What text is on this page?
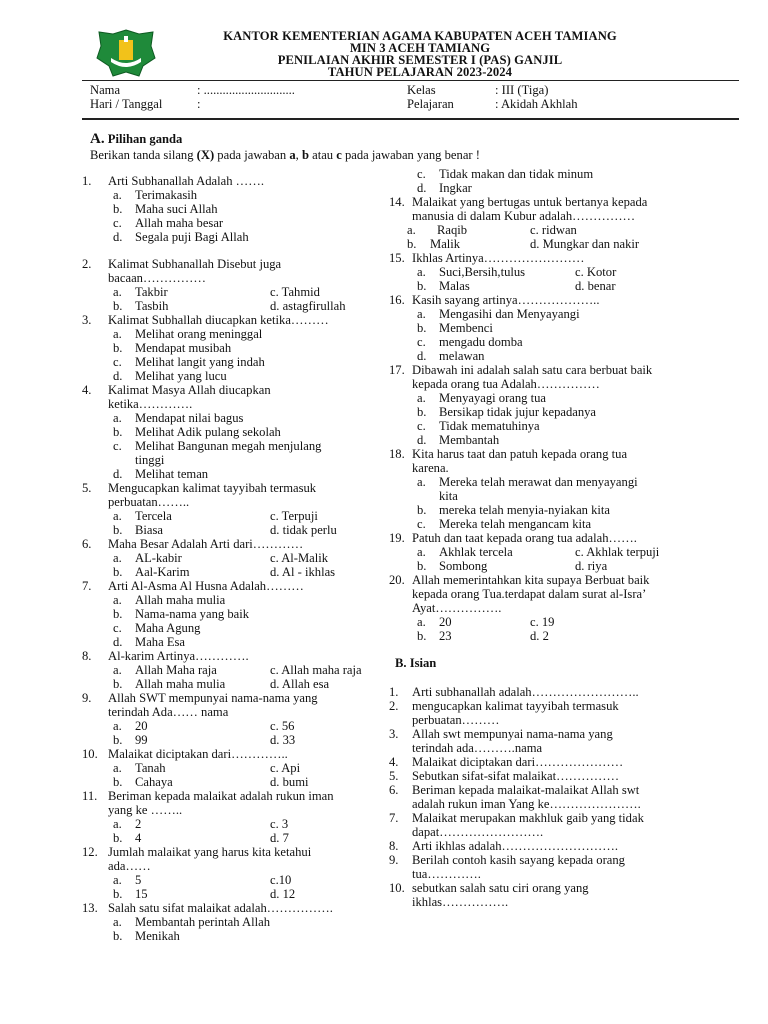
KANTOR KEMENTERIAN AGAMA KABUPATEN ACEH TAMIANG
MIN 3 ACEH TAMIANG
PENILAIAN AKHIR SEMESTER I (PAS) GANJIL
TAHUN PELAJARAN 2023-2024
Nama	: .............................
Hari / Tanggal	:
Kelas	: III (Tiga)
Pelajaran	: Akidah Akhlah
A. Pilihan ganda
Berikan tanda silang (X) pada jawaban a, b atau c pada jawaban yang benar !
B. Isian
1. Arti Subhanallah Adalah …….
a. Terimakasih
b. Maha suci Allah
c. Allah maha besar
d. Segala puji Bagi Allah
2. Kalimat Subhanallah Disebut juga
bacaan……………
a. Takbir	c. Tahmid
b. Tasbih	d. astagfirullah
3. Kalimat Subhallah diucapkan ketika………
a. Melihat orang meninggal
b. Mendapat musibah
c. Melihat langit yang indah
d. Melihat yang lucu
4. Kalimat Masya Allah diucapkan
ketika………….
a. Mendapat nilai bagus
b. Melihat Adik pulang sekolah
c. Melihat Bangunan megah menjulang
tinggi
d. Melihat teman
5. Mengucapkan kalimat tayyibah termasuk
perbuatan……..
a. Tercela	c. Terpuji
b. Biasa	d. tidak perlu
6. Maha Besar Adalah Arti dari…………
a. AL-kabir	c. Al-Malik
b. Aal-Karim	d. Al - ikhlas
7. Arti Al-Asma Al Husna Adalah………
a. Allah maha mulia
b. Nama-nama yang baik
c. Maha Agung
d. Maha Esa
8. Al-karim Artinya………….
a. Allah Maha raja	c. Allah maha raja
b. Allah maha mulia	d. Allah esa
9. Allah SWT mempunyai nama-nama yang
terindah Ada…… nama
a. 20	c. 56
b. 99	d. 33
10. Malaikat diciptakan dari…………..
a. Tanah	c. Api
b. Cahaya	d. bumi
11. Beriman kepada malaikat adalah rukun iman
yang ke ……..
a. 2	c. 3
b. 4	d. 7
12. Jumlah malaikat yang harus kita ketahui
ada……
a. 5	c.10
b. 15	d. 12
13. Salah satu sifat malaikat adalah…………….
a. Membantah perintah Allah
b. Menikah
c. Tidak makan dan tidak minum
d. Ingkar
14. Malaikat yang bertugas untuk bertanya kepada
manusia di dalam Kubur adalah……………
a. Raqib	c. ridwan
b. Malik	d. Mungkar dan nakir
15. Ikhlas Artinya……………………
a. Suci,Bersih,tulus	c. Kotor
b. Malas	d. benar
16. Kasih sayang artinya………………..
a. Mengasihi dan Menyayangi
b. Membenci
c. mengadu domba
d. melawan
17. Dibawah ini adalah salah satu cara berbuat baik
kepada orang tua Adalah……………
a. Menyayagi orang tua
b. Bersikap tidak jujur kepadanya
c. Tidak mematuhinya
d. Membantah
18. Kita harus taat dan patuh kepada orang tua
karena.
a. Mereka telah merawat dan menyayangi
kita
b. mereka telah menyia-nyiakan kita
c. Mereka telah mengancam kita
19. Patuh dan taat kepada orang tua adalah…….
a. Akhlak tercela	c. Akhlak terpuji
b. Sombong	d. riya
20. Allah memerintahkan kita supaya Berbuat baik
kepada orang Tua.terdapat dalam surat al-Isra’
Ayat…………….
a. 20	c. 19
b. 23	d. 2
1. Arti subhanallah adalah……………………..
2. mengucapkan kalimat tayyibah termasuk
perbuatan………
3. Allah swt mempunyai nama-nama yang
terindah ada……….nama
4. Malaikat diciptakan dari…………………
5. Sebutkan sifat-sifat malaikat……………
6. Beriman kepada malaikat-malaikat Allah swt
adalah rukun iman Yang ke………………….
7. Malaikat merupakan makhluk gaib yang tidak
dapat…………………….
8. Arti ikhlas adalah……………………….
9. Berilah contoh kasih sayang kepada orang
tua………….
10. sebutkan salah satu ciri orang yang
ikhlas…………….
